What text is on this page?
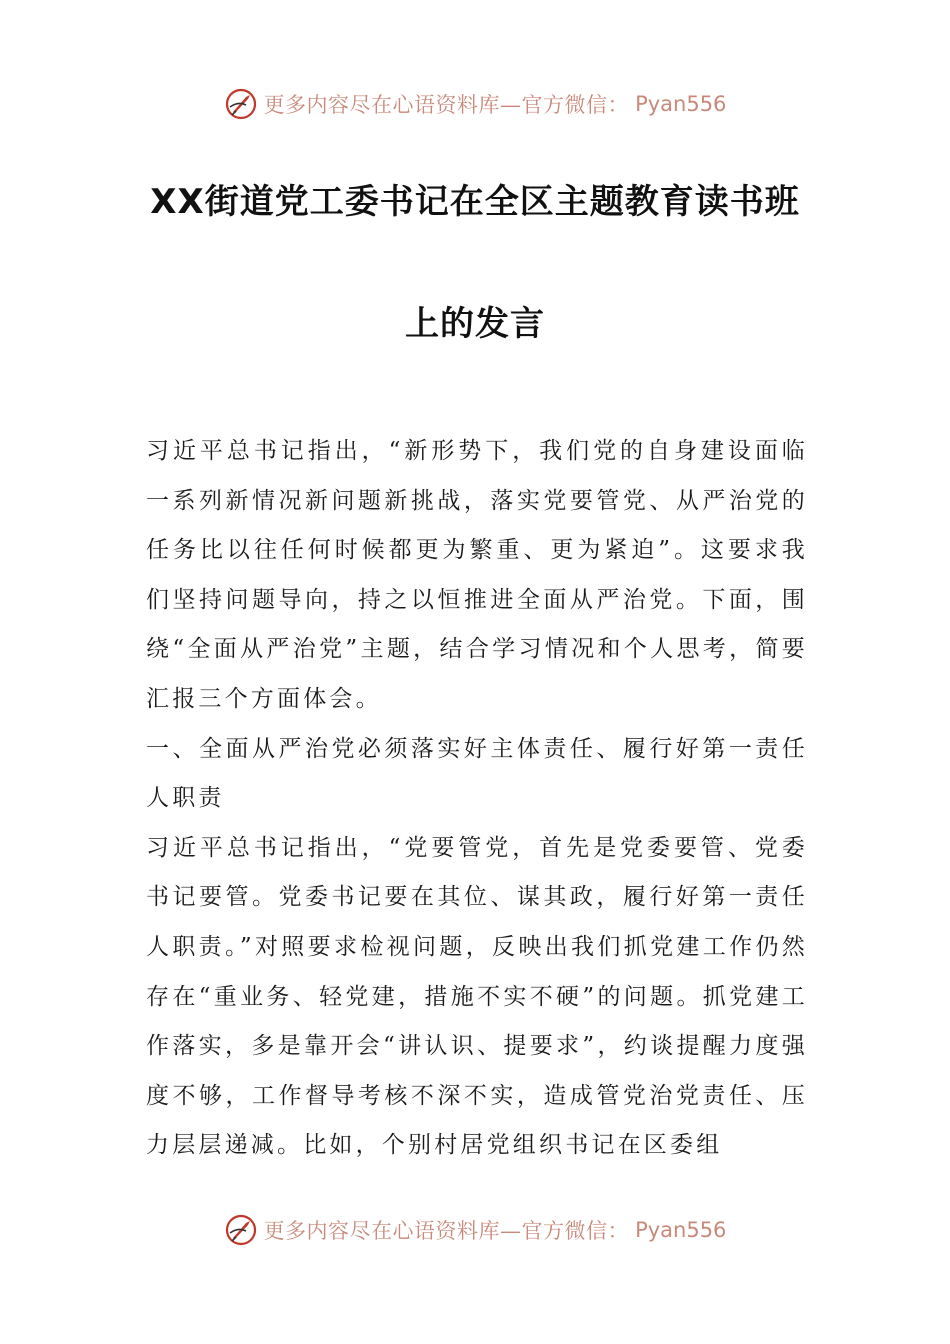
更多内容尽在心语资料库—官方微信： Pyan556
XX街道党工委书记在全区主题教育读书班
上的发言

习近平总书记指出，“新形势下，我们党的自身建设面临一系列新情况新问题新挑战，落实党要管党、从严治党的任务比以往任何时候都更为繁重、更为紧迫”。这要求我们坚持问题导向，持之以恒推进全面从严治党。下面，围绕“全面从严治党”主题，结合学习情况和个人思考，简要汇报三个方面体会。

一、全面从严治党必须落实好主体责任、履行好第一责任人职责

习近平总书记指出，“党要管党，首先是党委要管、党委书记要管。党委书记要在其位、谋其政，履行好第一责任人职责。”对照要求检视问题，反映出我们抓党建工作仍然存在“重业务、轻党建，措施不实不硬”的问题。抓党建工作落实，多是靠开会“讲认识、提要求”，约谈提醒力度强度不够，工作督导考核不深不实，造成管党治党责任、压力层层递减。比如，个别村居党组织书记在区委组

更多内容尽在心语资料库—官方微信： Pyan556
